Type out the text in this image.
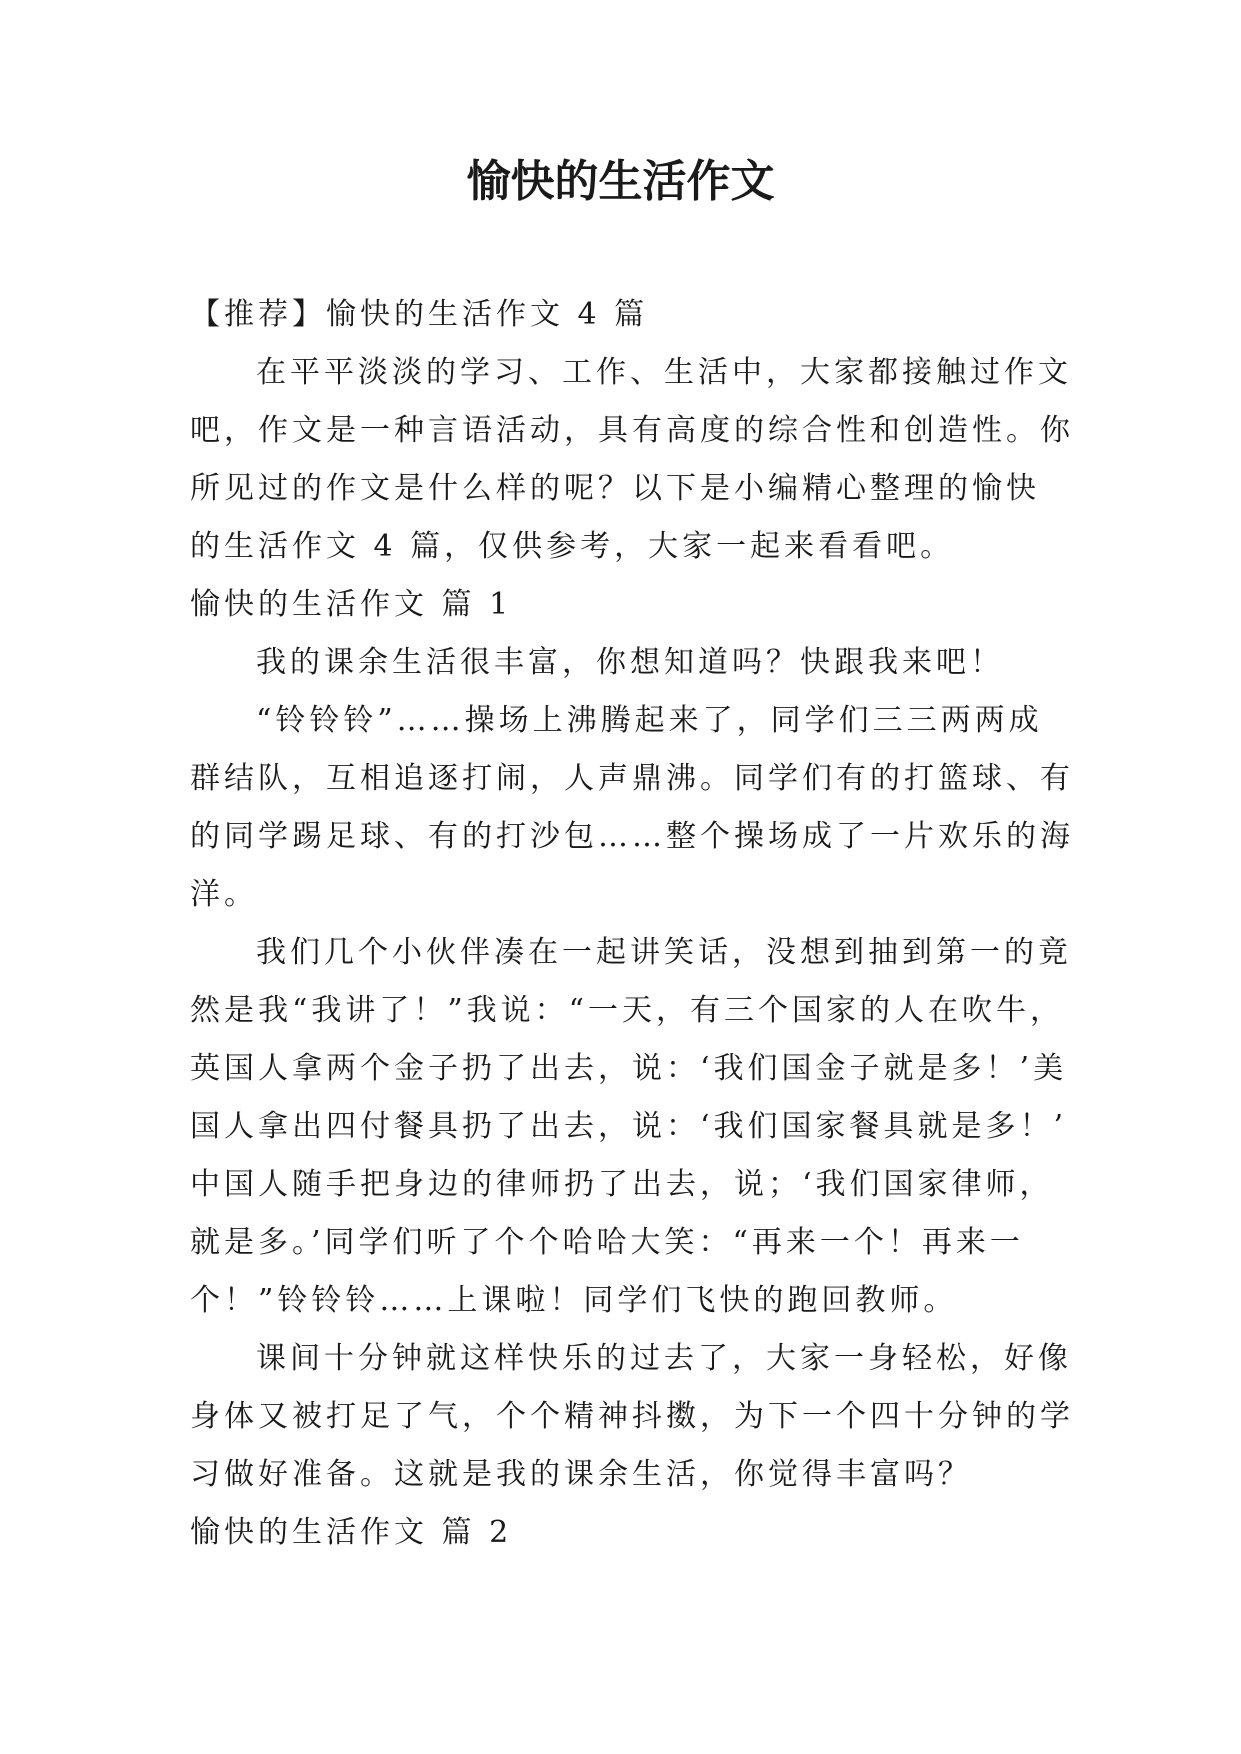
愉快的生活作文

【推荐】愉快的生活作文 4 篇

在平平淡淡的学习、工作、生活中，大家都接触过作文

吧，作文是一种言语活动，具有高度的综合性和创造性。你

所见过的作文是什么样的呢？以下是小编精心整理的愉快

的生活作文 4 篇，仅供参考，大家一起来看看吧。

愉快的生活作文 篇 1

我的课余生活很丰富，你想知道吗？快跟我来吧！

“铃铃铃”……操场上沸腾起来了，同学们三三两两成

群结队，互相追逐打闹，人声鼎沸。同学们有的打篮球、有

的同学踢足球、有的打沙包……整个操场成了一片欢乐的海

洋。

我们几个小伙伴凑在一起讲笑话，没想到抽到第一的竟

然是我“我讲了！”我说：“一天，有三个国家的人在吹牛，

英国人拿两个金子扔了出去，说：‘我们国金子就是多！’美

国人拿出四付餐具扔了出去，说：‘我们国家餐具就是多！’

中国人随手把身边的律师扔了出去，说；‘我们国家律师，

就是多。’同学们听了个个哈哈大笑：“再来一个！再来一

个！”铃铃铃……上课啦！同学们飞快的跑回教师。

课间十分钟就这样快乐的过去了，大家一身轻松，好像

身体又被打足了气，个个精神抖擞，为下一个四十分钟的学

习做好准备。这就是我的课余生活，你觉得丰富吗？

愉快的生活作文 篇 2
